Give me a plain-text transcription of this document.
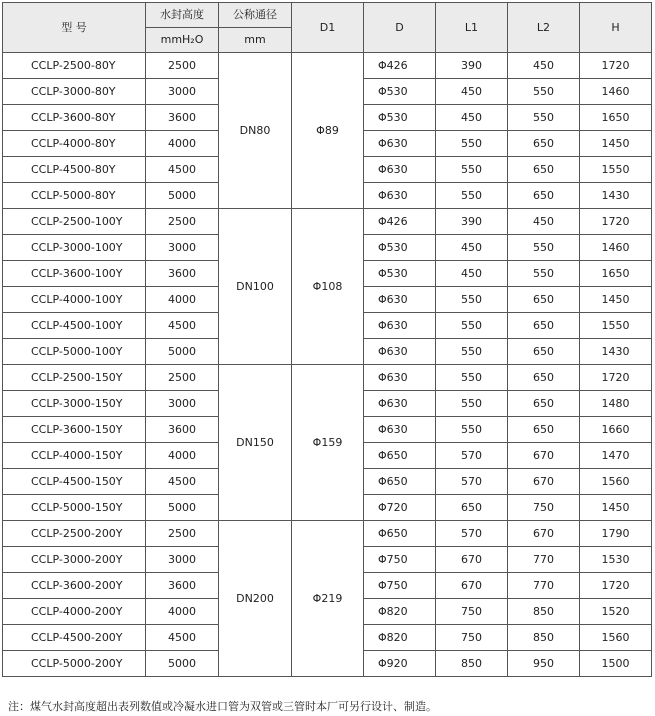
型 号	水封高度	公称通径	D1	D	L1	L2	H
	mmH₂O	mm					
CCLP-2500-80Y	2500	DN80	Φ89	Φ426	390	450	1720
CCLP-3000-80Y	3000			Φ530	450	550	1460
CCLP-3600-80Y	3600			Φ530	450	550	1650
CCLP-4000-80Y	4000			Φ630	550	650	1450
CCLP-4500-80Y	4500			Φ630	550	650	1550
CCLP-5000-80Y	5000			Φ630	550	650	1430
CCLP-2500-100Y	2500	DN100	Φ108	Φ426	390	450	1720
CCLP-3000-100Y	3000			Φ530	450	550	1460
CCLP-3600-100Y	3600			Φ530	450	550	1650
CCLP-4000-100Y	4000			Φ630	550	650	1450
CCLP-4500-100Y	4500			Φ630	550	650	1550
CCLP-5000-100Y	5000			Φ630	550	650	1430
CCLP-2500-150Y	2500	DN150	Φ159	Φ630	550	650	1720
CCLP-3000-150Y	3000			Φ630	550	650	1480
CCLP-3600-150Y	3600			Φ630	550	650	1660
CCLP-4000-150Y	4000			Φ650	570	670	1470
CCLP-4500-150Y	4500			Φ650	570	670	1560
CCLP-5000-150Y	5000			Φ720	650	750	1450
CCLP-2500-200Y	2500	DN200	Φ219	Φ650	570	670	1790
CCLP-3000-200Y	3000			Φ750	670	770	1530
CCLP-3600-200Y	3600			Φ750	670	770	1720
CCLP-4000-200Y	4000			Φ820	750	850	1520
CCLP-4500-200Y	4500			Φ820	750	850	1560
CCLP-5000-200Y	5000			Φ920	850	950	1500
注：煤气水封高度超出表列数值或冷凝水进口管为双管或三管时本厂可另行设计、制造。
